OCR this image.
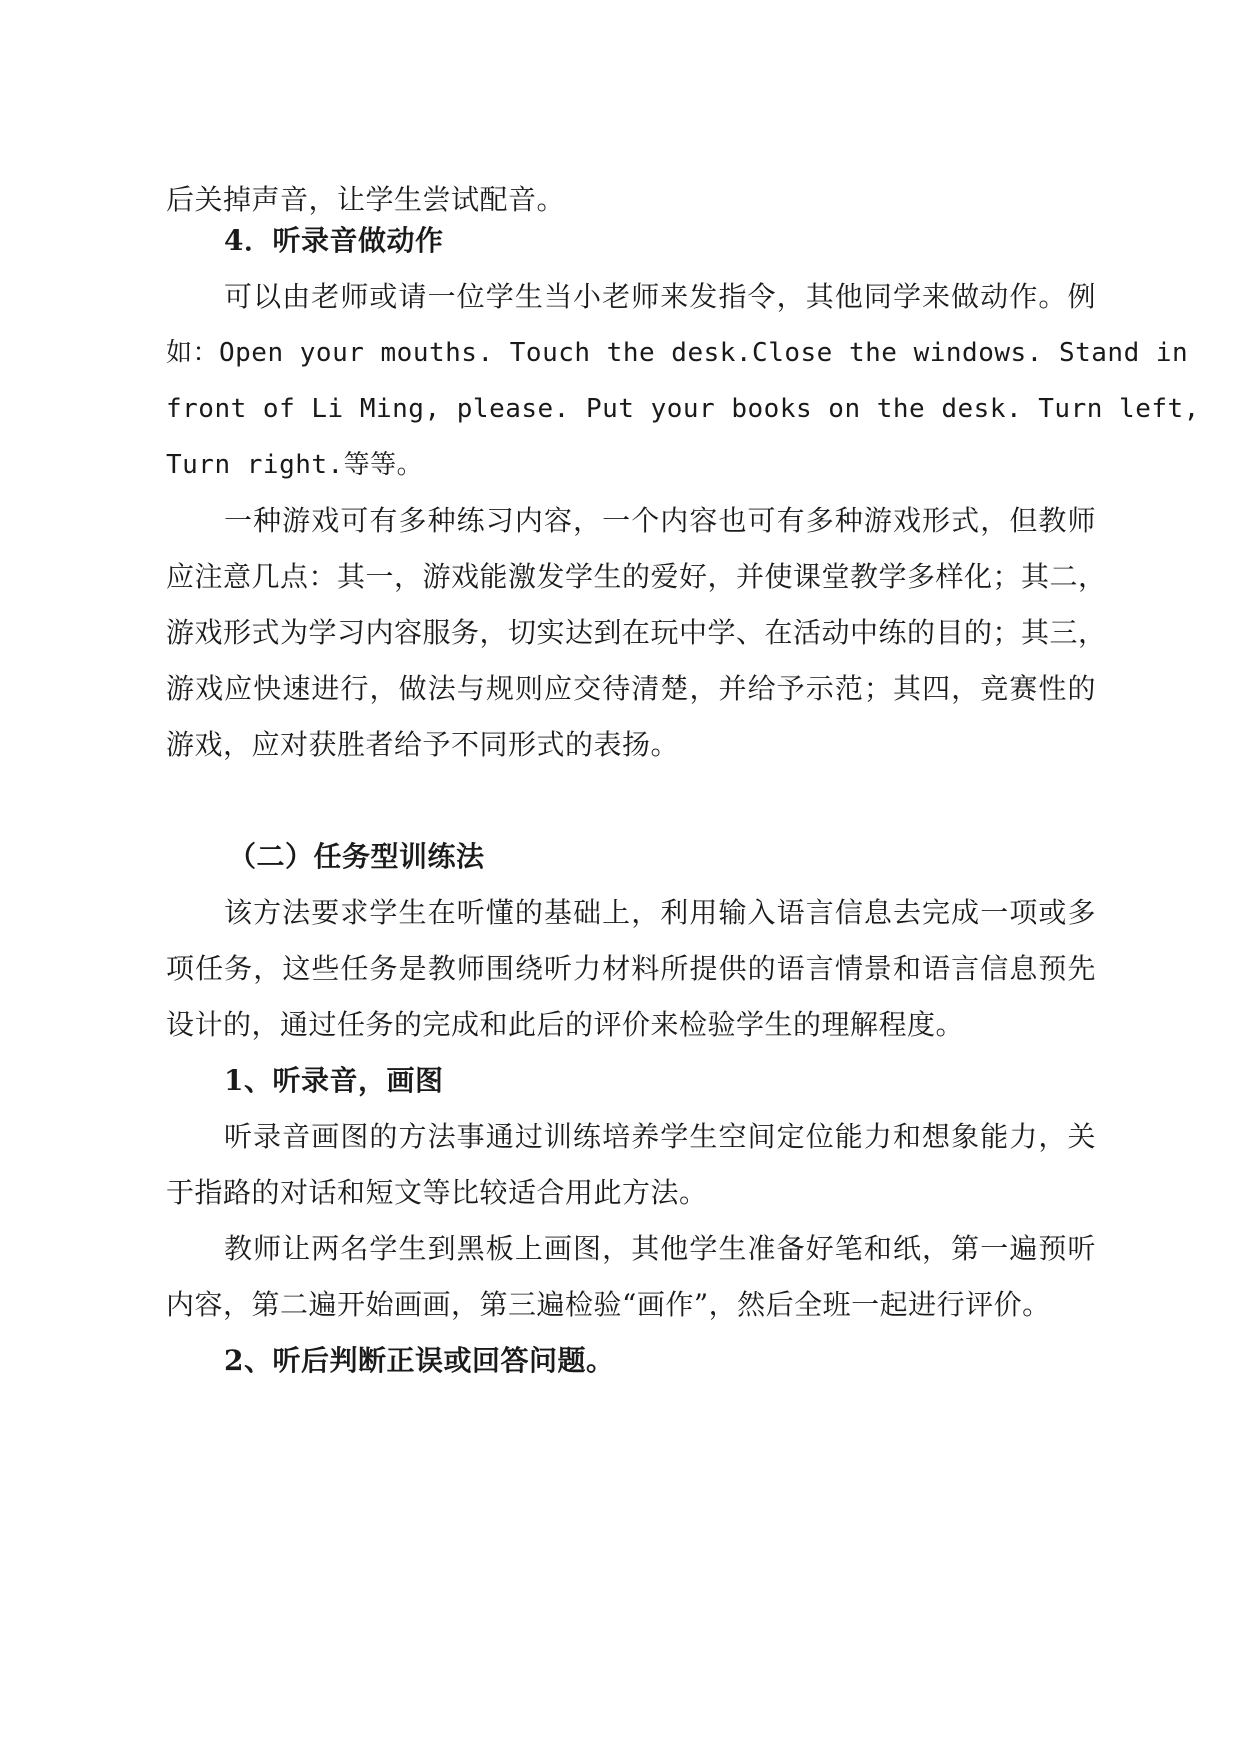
后关掉声音，让学生尝试配音。
4．听录音做动作
可以由老师或请一位学生当小老师来发指令，其他同学来做动作。例
如：Open your mouths. Touch the desk.Close the windows. Stand in
front of Li Ming, please. Put your books on the desk. Turn left,
Turn right.等等。
一种游戏可有多种练习内容，一个内容也可有多种游戏形式，但教师
应注意几点：其一，游戏能激发学生的爱好，并使课堂教学多样化；其二，
游戏形式为学习内容服务，切实达到在玩中学、在活动中练的目的；其三，
游戏应快速进行，做法与规则应交待清楚，并给予示范；其四，竞赛性的
游戏，应对获胜者给予不同形式的表扬。
（二）任务型训练法
该方法要求学生在听懂的基础上，利用输入语言信息去完成一项或多
项任务，这些任务是教师围绕听力材料所提供的语言情景和语言信息预先
设计的，通过任务的完成和此后的评价来检验学生的理解程度。
1、听录音，画图
听录音画图的方法事通过训练培养学生空间定位能力和想象能力，关
于指路的对话和短文等比较适合用此方法。
教师让两名学生到黑板上画图，其他学生准备好笔和纸，第一遍预听
内容，第二遍开始画画，第三遍检验“画作”，然后全班一起进行评价。
2、听后判断正误或回答问题。
